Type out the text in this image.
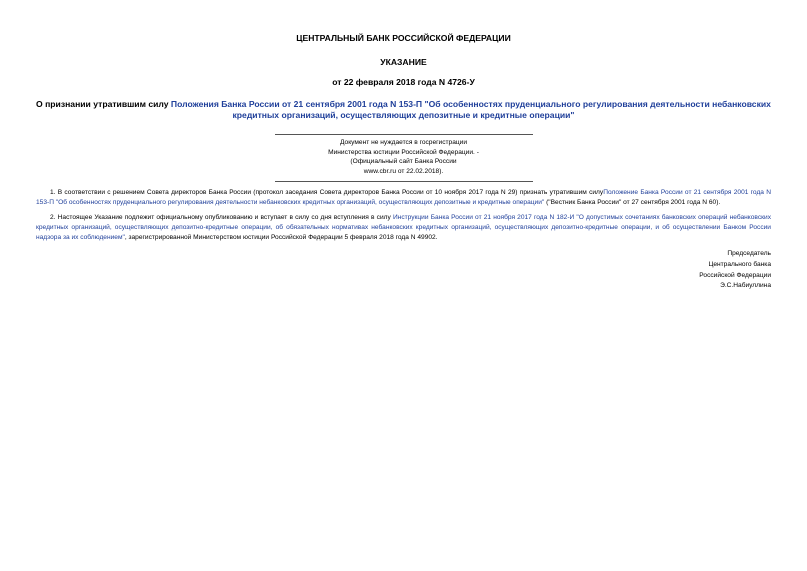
ЦЕНТРАЛЬНЫЙ БАНК РОССИЙСКОЙ ФЕДЕРАЦИИ
УКАЗАНИЕ
от 22 февраля 2018 года N 4726-У
О признании утратившим силу Положения Банка России от 21 сентября 2001 года N 153-П "Об особенностях пруденциального регулирования деятельности небанковских кредитных организаций, осуществляющих депозитные и кредитные операции"
Документ не нуждается в госрегистрации
Министерства юстиции Российской Федерации. -
(Официальный сайт Банка России
www.cbr.ru от 22.02.2018).

1. В соответствии с решением Совета директоров Банка России (протокол заседания Совета директоров Банка России от 10 ноября 2017 года N 29) признать утратившим силуПоложение Банка России от 21 сентября 2001 года N 153-П "Об особенностях пруденциального регулирования деятельности небанковских кредитных организаций, осуществляющих депозитные и кредитные операции" ("Вестник Банка России" от 27 сентября 2001 года N 60).

2. Настоящее Указание подлежит официальному опубликованию и вступает в силу со дня вступления в силу Инструкции Банка России от 21 ноября 2017 года N 182-И "О допустимых сочетаниях банковских операций небанковских кредитных организаций, осуществляющих депозитно-кредитные операции, об обязательных нормативах небанковских кредитных организаций, осуществляющих депозитно-кредитные операции, и об осуществлении Банком России надзора за их соблюдением", зарегистрированной Министерством юстиции Российской Федерации 5 февраля 2018 года N 49902.

Председатель
Центрального банка
Российской Федерации
Э.С.Набиуллина
